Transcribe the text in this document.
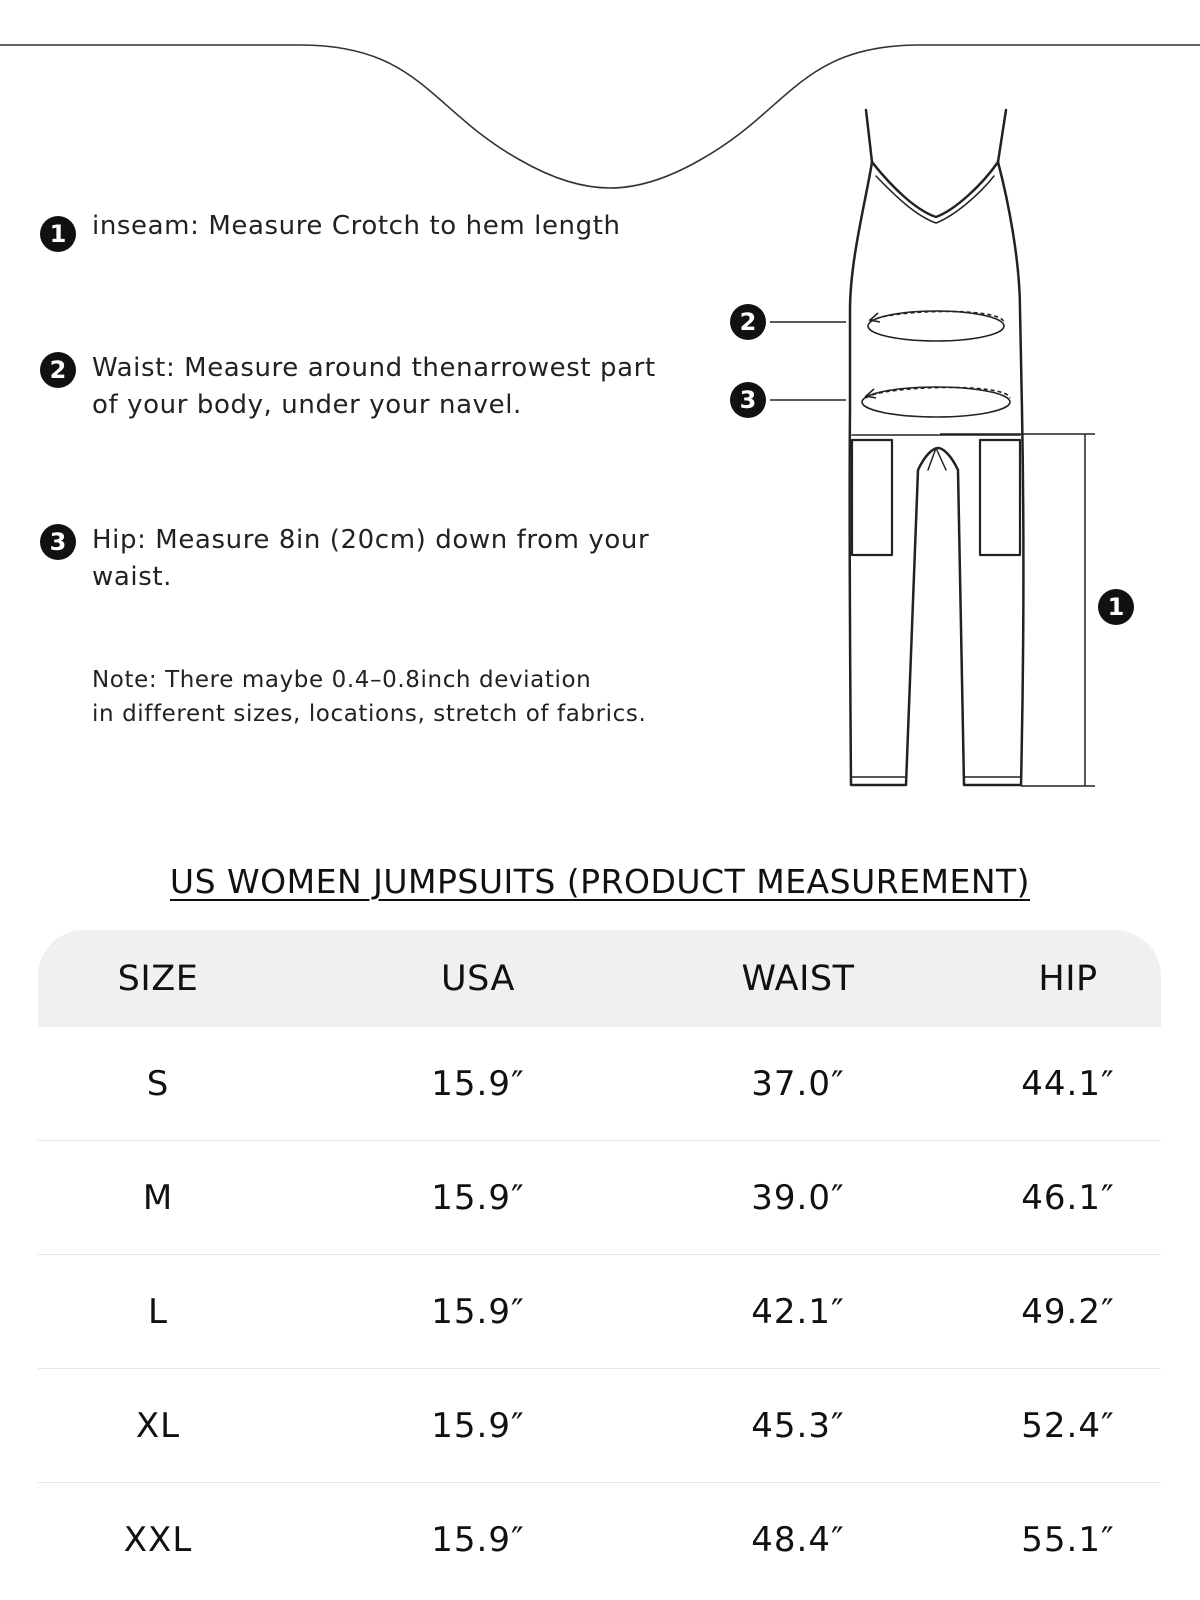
1 inseam: Measure Crotch to hem length
2 Waist: Measure around thenarrowest part
of your body, under your navel.
3 Hip: Measure 8in (20cm) down from your
waist.
Note: There maybe 0.4–0.8inch deviation
in different sizes, locations, stretch of fabrics.
2
3
1
US WOMEN JUMPSUITS (PRODUCT MEASUREMENT)
SIZE	USA	WAIST	HIP
S	15.9″	37.0″	44.1″
M	15.9″	39.0″	46.1″
L	15.9″	42.1″	49.2″
XL	15.9″	45.3″	52.4″
XXL	15.9″	48.4″	55.1″
